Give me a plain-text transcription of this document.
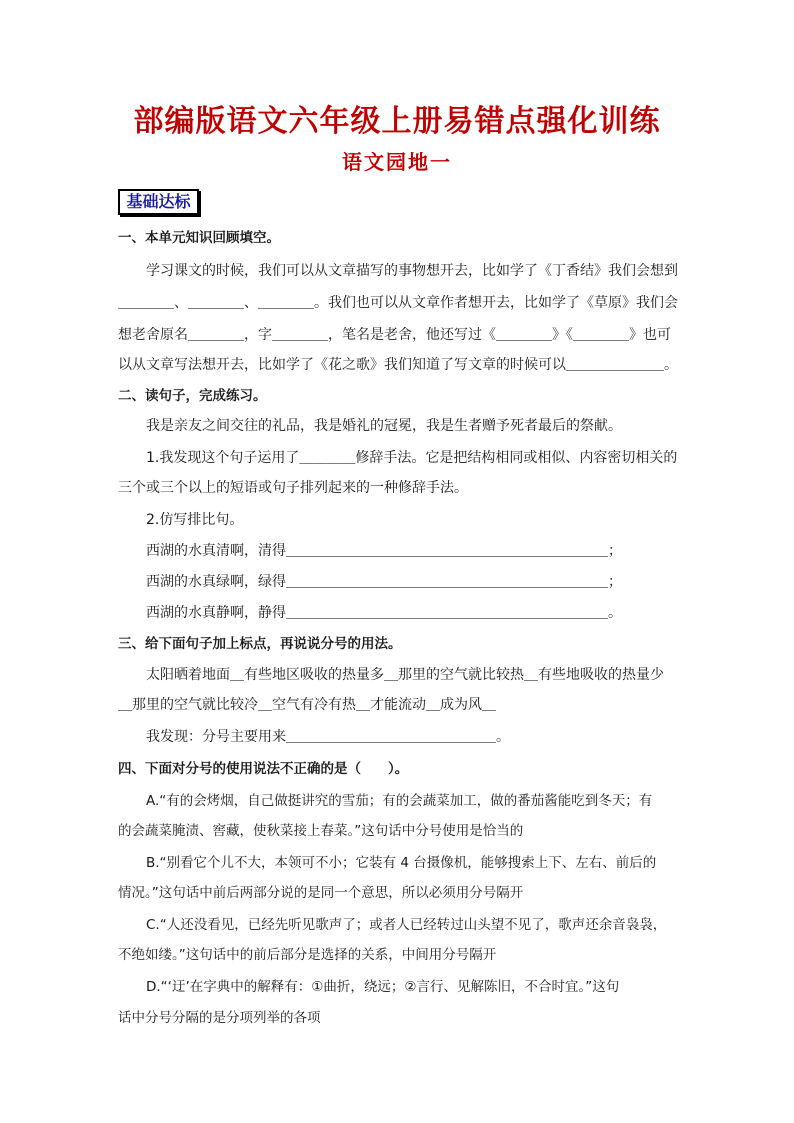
部编版语文六年级上册易错点强化训练
语文园地一
基础达标
一、本单元知识回顾填空。
学习课文的时候，我们可以从文章描写的事物想开去，比如学了《丁香结》我们会想到
＿＿＿＿、＿＿＿＿、＿＿＿＿。我们也可以从文章作者想开去，比如学了《草原》我们会
想老舍原名＿＿＿＿，字＿＿＿＿，笔名是老舍，他还写过《＿＿＿＿》《＿＿＿＿》也可
以从文章写法想开去，比如学了《花之歌》我们知道了写文章的时候可以＿＿＿＿＿＿＿。
二、读句子，完成练习。
我是亲友之间交往的礼品，我是婚礼的冠冕，我是生者赠予死者最后的祭献。
1.我发现这个句子运用了＿＿＿＿修辞手法。它是把结构相同或相似、内容密切相关的
三个或三个以上的短语或句子排列起来的一种修辞手法。
2.仿写排比句。
西湖的水真清啊，清得＿＿＿＿＿＿＿＿＿＿＿＿＿＿＿＿＿＿＿＿＿＿＿；
西湖的水真绿啊，绿得＿＿＿＿＿＿＿＿＿＿＿＿＿＿＿＿＿＿＿＿＿＿＿；
西湖的水真静啊，静得＿＿＿＿＿＿＿＿＿＿＿＿＿＿＿＿＿＿＿＿＿＿＿。
三、给下面句子加上标点，再说说分号的用法。
太阳晒着地面＿有些地区吸收的热量多＿那里的空气就比较热＿有些地吸收的热量少
＿那里的空气就比较冷＿空气有冷有热＿才能流动＿成为风＿
我发现：分号主要用来＿＿＿＿＿＿＿＿＿＿＿＿＿＿＿。
四、下面对分号的使用说法不正确的是（　　）。
A.“有的会烤烟，自己做挺讲究的雪茄；有的会蔬菜加工，做的番茄酱能吃到冬天；有
的会蔬菜腌渍、窖藏，使秋菜接上春菜。”这句话中分号使用是恰当的
B.“别看它个儿不大，本领可不小；它装有 4 台摄像机，能够搜索上下、左右、前后的
情况。”这句话中前后两部分说的是同一个意思，所以必须用分号隔开
C.“人还没看见，已经先听见歌声了；或者人已经转过山头望不见了，歌声还余音袅袅，
不绝如缕。”这句话中的前后部分是选择的关系，中间用分号隔开
D.“‘迂’在字典中的解释有：①曲折，绕远；②言行、见解陈旧，不合时宜。”这句
话中分号分隔的是分项列举的各项
